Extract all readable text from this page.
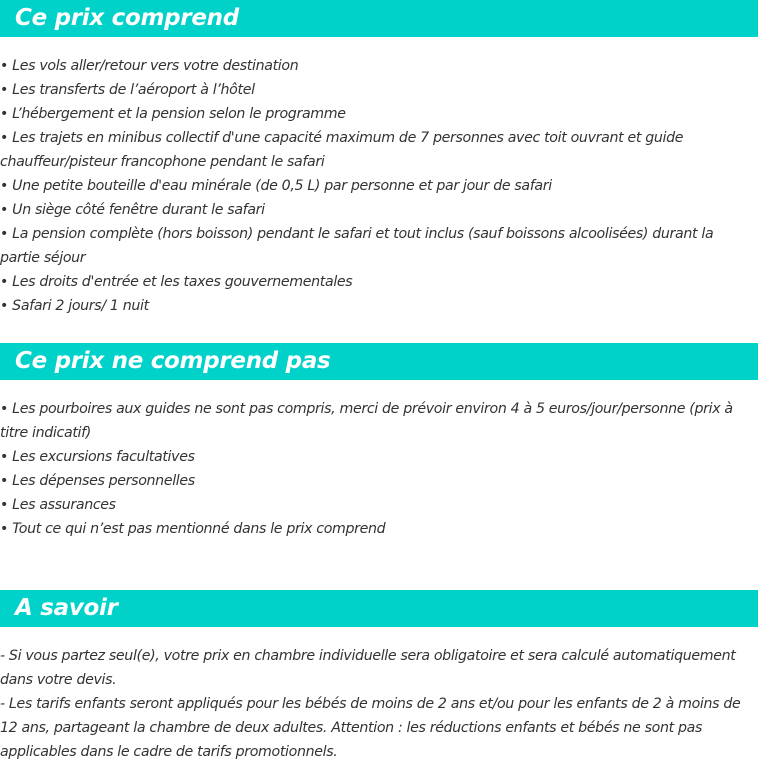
Ce prix comprend
• Les vols aller/retour vers votre destination
• Les transferts de l’aéroport à l’hôtel
• L’hébergement et la pension selon le programme
• Les trajets en minibus collectif d'une capacité maximum de 7 personnes avec toit ouvrant et guide chauffeur/pisteur francophone pendant le safari
• Une petite bouteille d'eau minérale (de 0,5 L) par personne et par jour de safari
• Un siège côté fenêtre durant le safari
• La pension complète (hors boisson) pendant le safari et tout inclus (sauf boissons alcoolisées) durant la partie séjour
• Les droits d'entrée et les taxes gouvernementales
• Safari 2 jours/ 1 nuit
Ce prix ne comprend pas
• Les pourboires aux guides ne sont pas compris, merci de prévoir environ 4 à 5 euros/jour/personne (prix à titre indicatif)
• Les excursions facultatives
• Les dépenses personnelles
• Les assurances
• Tout ce qui n’est pas mentionné dans le prix comprend
A savoir
- Si vous partez seul(e), votre prix en chambre individuelle sera obligatoire et sera calculé automatiquement dans votre devis.
- Les tarifs enfants seront appliqués pour les bébés de moins de 2 ans et/ou pour les enfants de 2 à moins de 12 ans, partageant la chambre de deux adultes. Attention : les réductions enfants et bébés ne sont pas applicables dans le cadre de tarifs promotionnels.
